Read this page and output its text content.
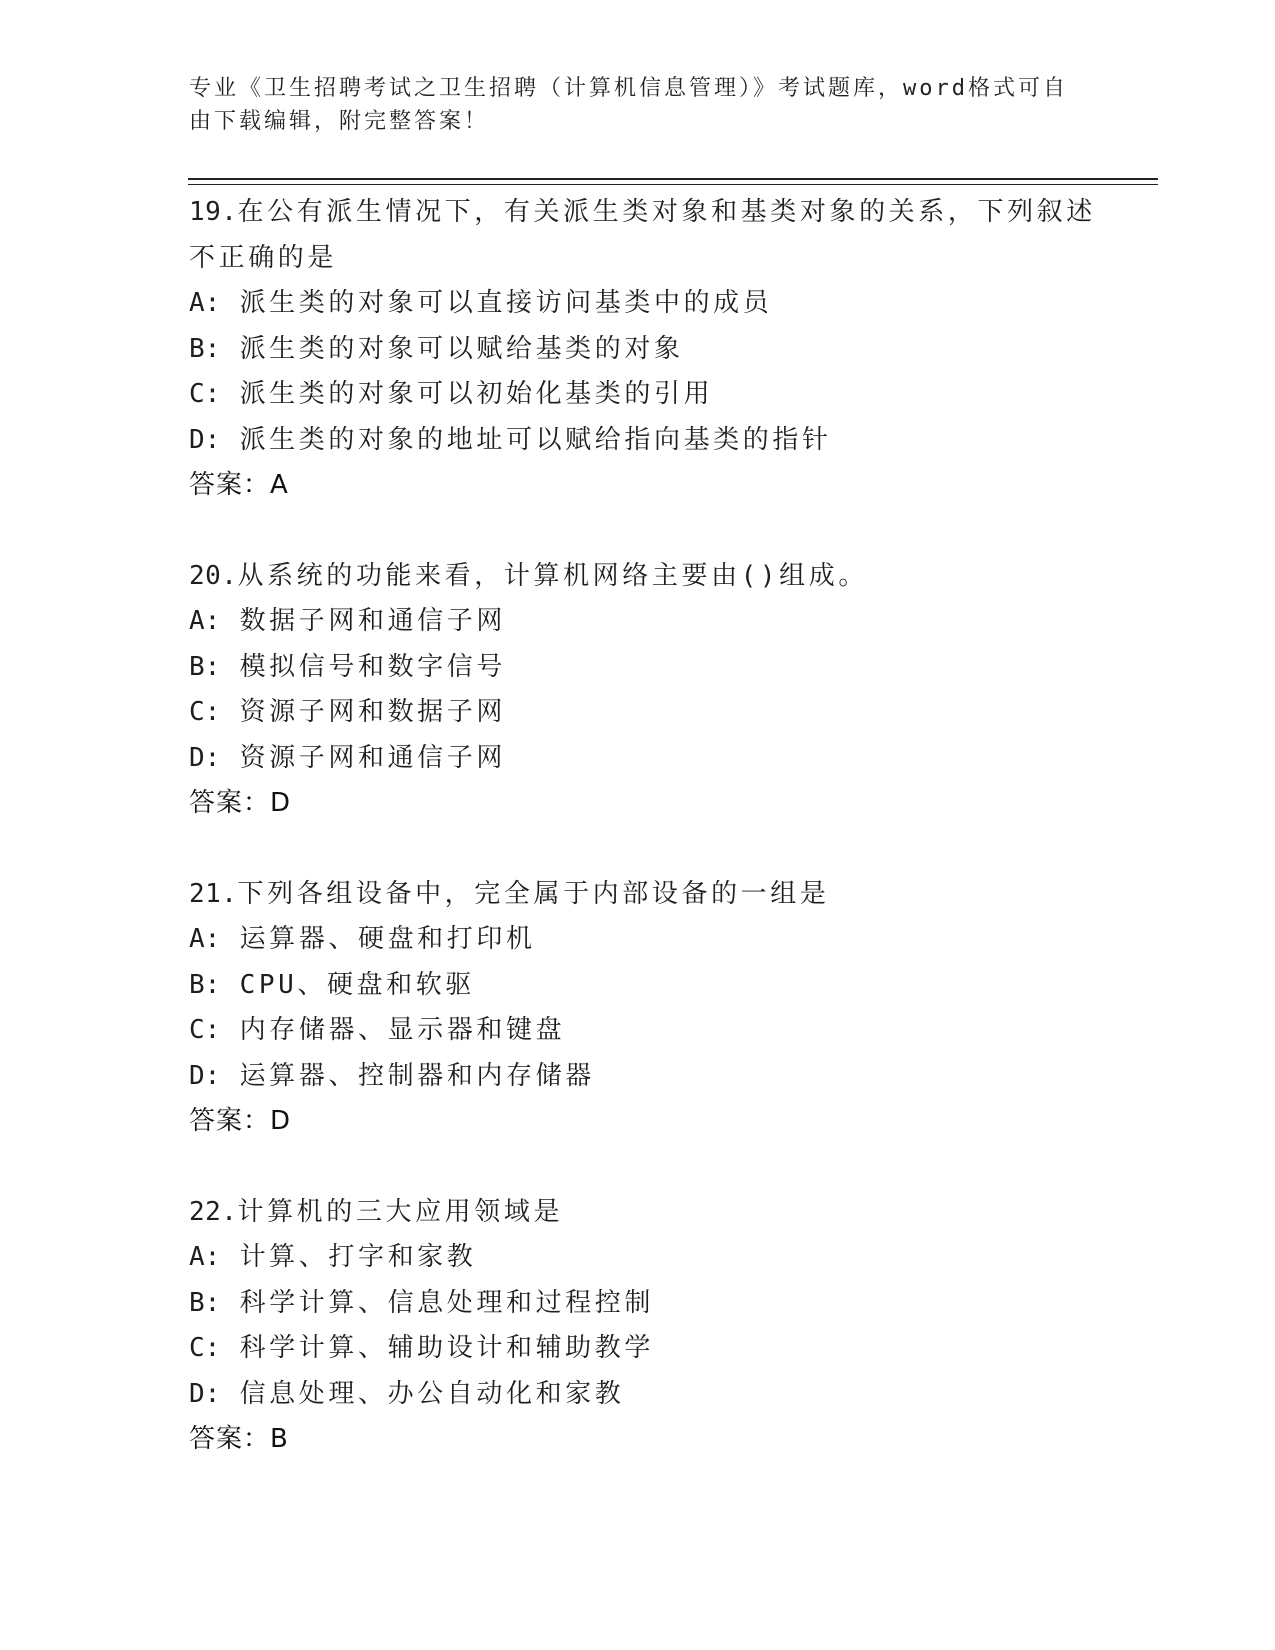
专业《卫生招聘考试之卫生招聘（计算机信息管理）》考试题库，word格式可自
由下载编辑，附完整答案！
19.在公有派生情况下，有关派生类对象和基类对象的关系，下列叙述
不正确的是
A: 派生类的对象可以直接访问基类中的成员
B: 派生类的对象可以赋给基类的对象
C: 派生类的对象可以初始化基类的引用
D: 派生类的对象的地址可以赋给指向基类的指针
答案：A
20.从系统的功能来看，计算机网络主要由()组成。
A: 数据子网和通信子网
B: 模拟信号和数字信号
C: 资源子网和数据子网
D: 资源子网和通信子网
答案：D
21.下列各组设备中，完全属于内部设备的一组是
A: 运算器、硬盘和打印机
B: CPU、硬盘和软驱
C: 内存储器、显示器和键盘
D: 运算器、控制器和内存储器
答案：D
22.计算机的三大应用领域是
A: 计算、打字和家教
B: 科学计算、信息处理和过程控制
C: 科学计算、辅助设计和辅助教学
D: 信息处理、办公自动化和家教
答案：B
